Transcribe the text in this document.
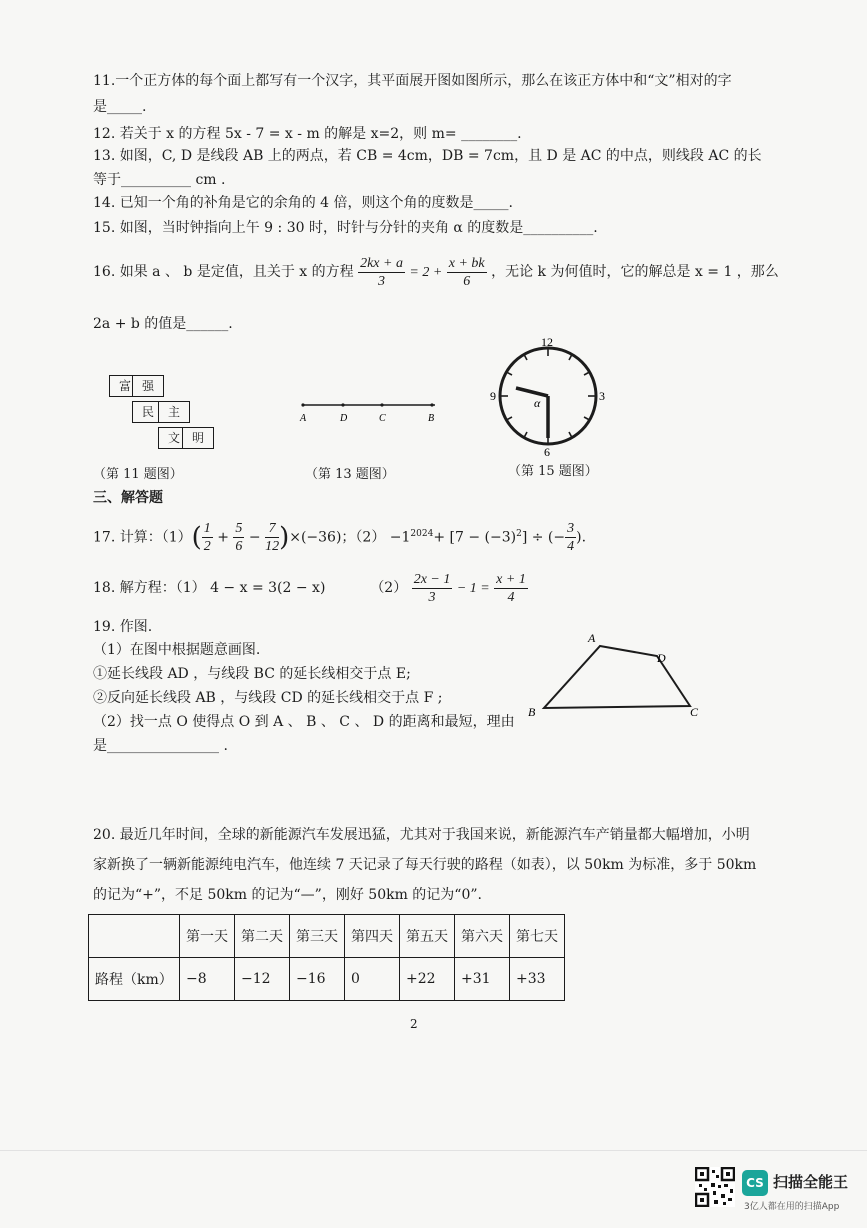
11.一个正方体的每个面上都写有一个汉字，其平面展开图如图所示，那么在该正方体中和“文”相对的字
是_____.
12. 若关于 x 的方程 5x - 7 = x - m 的解是 x=2，则 m= ________.
13. 如图，C, D 是线段 AB 上的两点，若 CB = 4cm，DB = 7cm，且 D 是 AC 的中点，则线段 AC 的长
等于__________ cm .
14. 已知一个角的补角是它的余角的 4 倍，则这个角的度数是_____.
15. 如图，当时钟指向上午 9 : 30 时，时针与分针的夹角 α 的度数是__________.
16. 如果 a 、 b 是定值，且关于 x 的方程 $\frac{2kx + a}{3} = 2 + \frac{x + bk}{6}$ ，无论 k 为何值时，它的解总是 x = 1 ，那么
2a + b 的值是______.
富 强
民	主
文 明
（第 11 题图）
A	D	C	B
（第 13 题图）
12
3
6
9	α
（第 15 题图）
三、解答题
17. 计算：$(1)( \frac{1}{2} + \frac{5}{6} - \frac{7}{12} )\times(-36)$；$(2) -1^{2024}+ [7 - (-3)^2]$ ÷ (− $\frac{3}{4}$ ).
18. 解方程：（1） 4 − x = 3(2 − x)	$(2) \frac{2x - 1}{3} - 1 = \frac{x + 1}{4}$
19. 作图.
（1）在图中根据题意画图.
①延长线段 AD ，与线段 BC 的延长线相交于点 E;
②反向延长线段 AB ，与线段 CD 的延长线相交于点 F ;
（2）找一点 O 使得点 O 到 A 、 B 、 C 、 D 的距离和最短，理由
是________________ .
A
D
B	C
20. 最近几年时间，全球的新能源汽车发展迅猛，尤其对于我国来说，新能源汽车产销量都大幅增加，小明
家新换了一辆新能源纯电汽车，他连续 7 天记录了每天行驶的路程（如表），以 50km 为标准，多于 50km
的记为“+”，不足 50km 的记为“—”，刚好 50km 的记为“0”.
	第一天	第二天	第三天	第四天	第五天	第六天	第七天
路程（km）	−8	−12	−16	0	+22	+31	+33
2
CS 扫描全能王
3亿人都在用的扫描App
